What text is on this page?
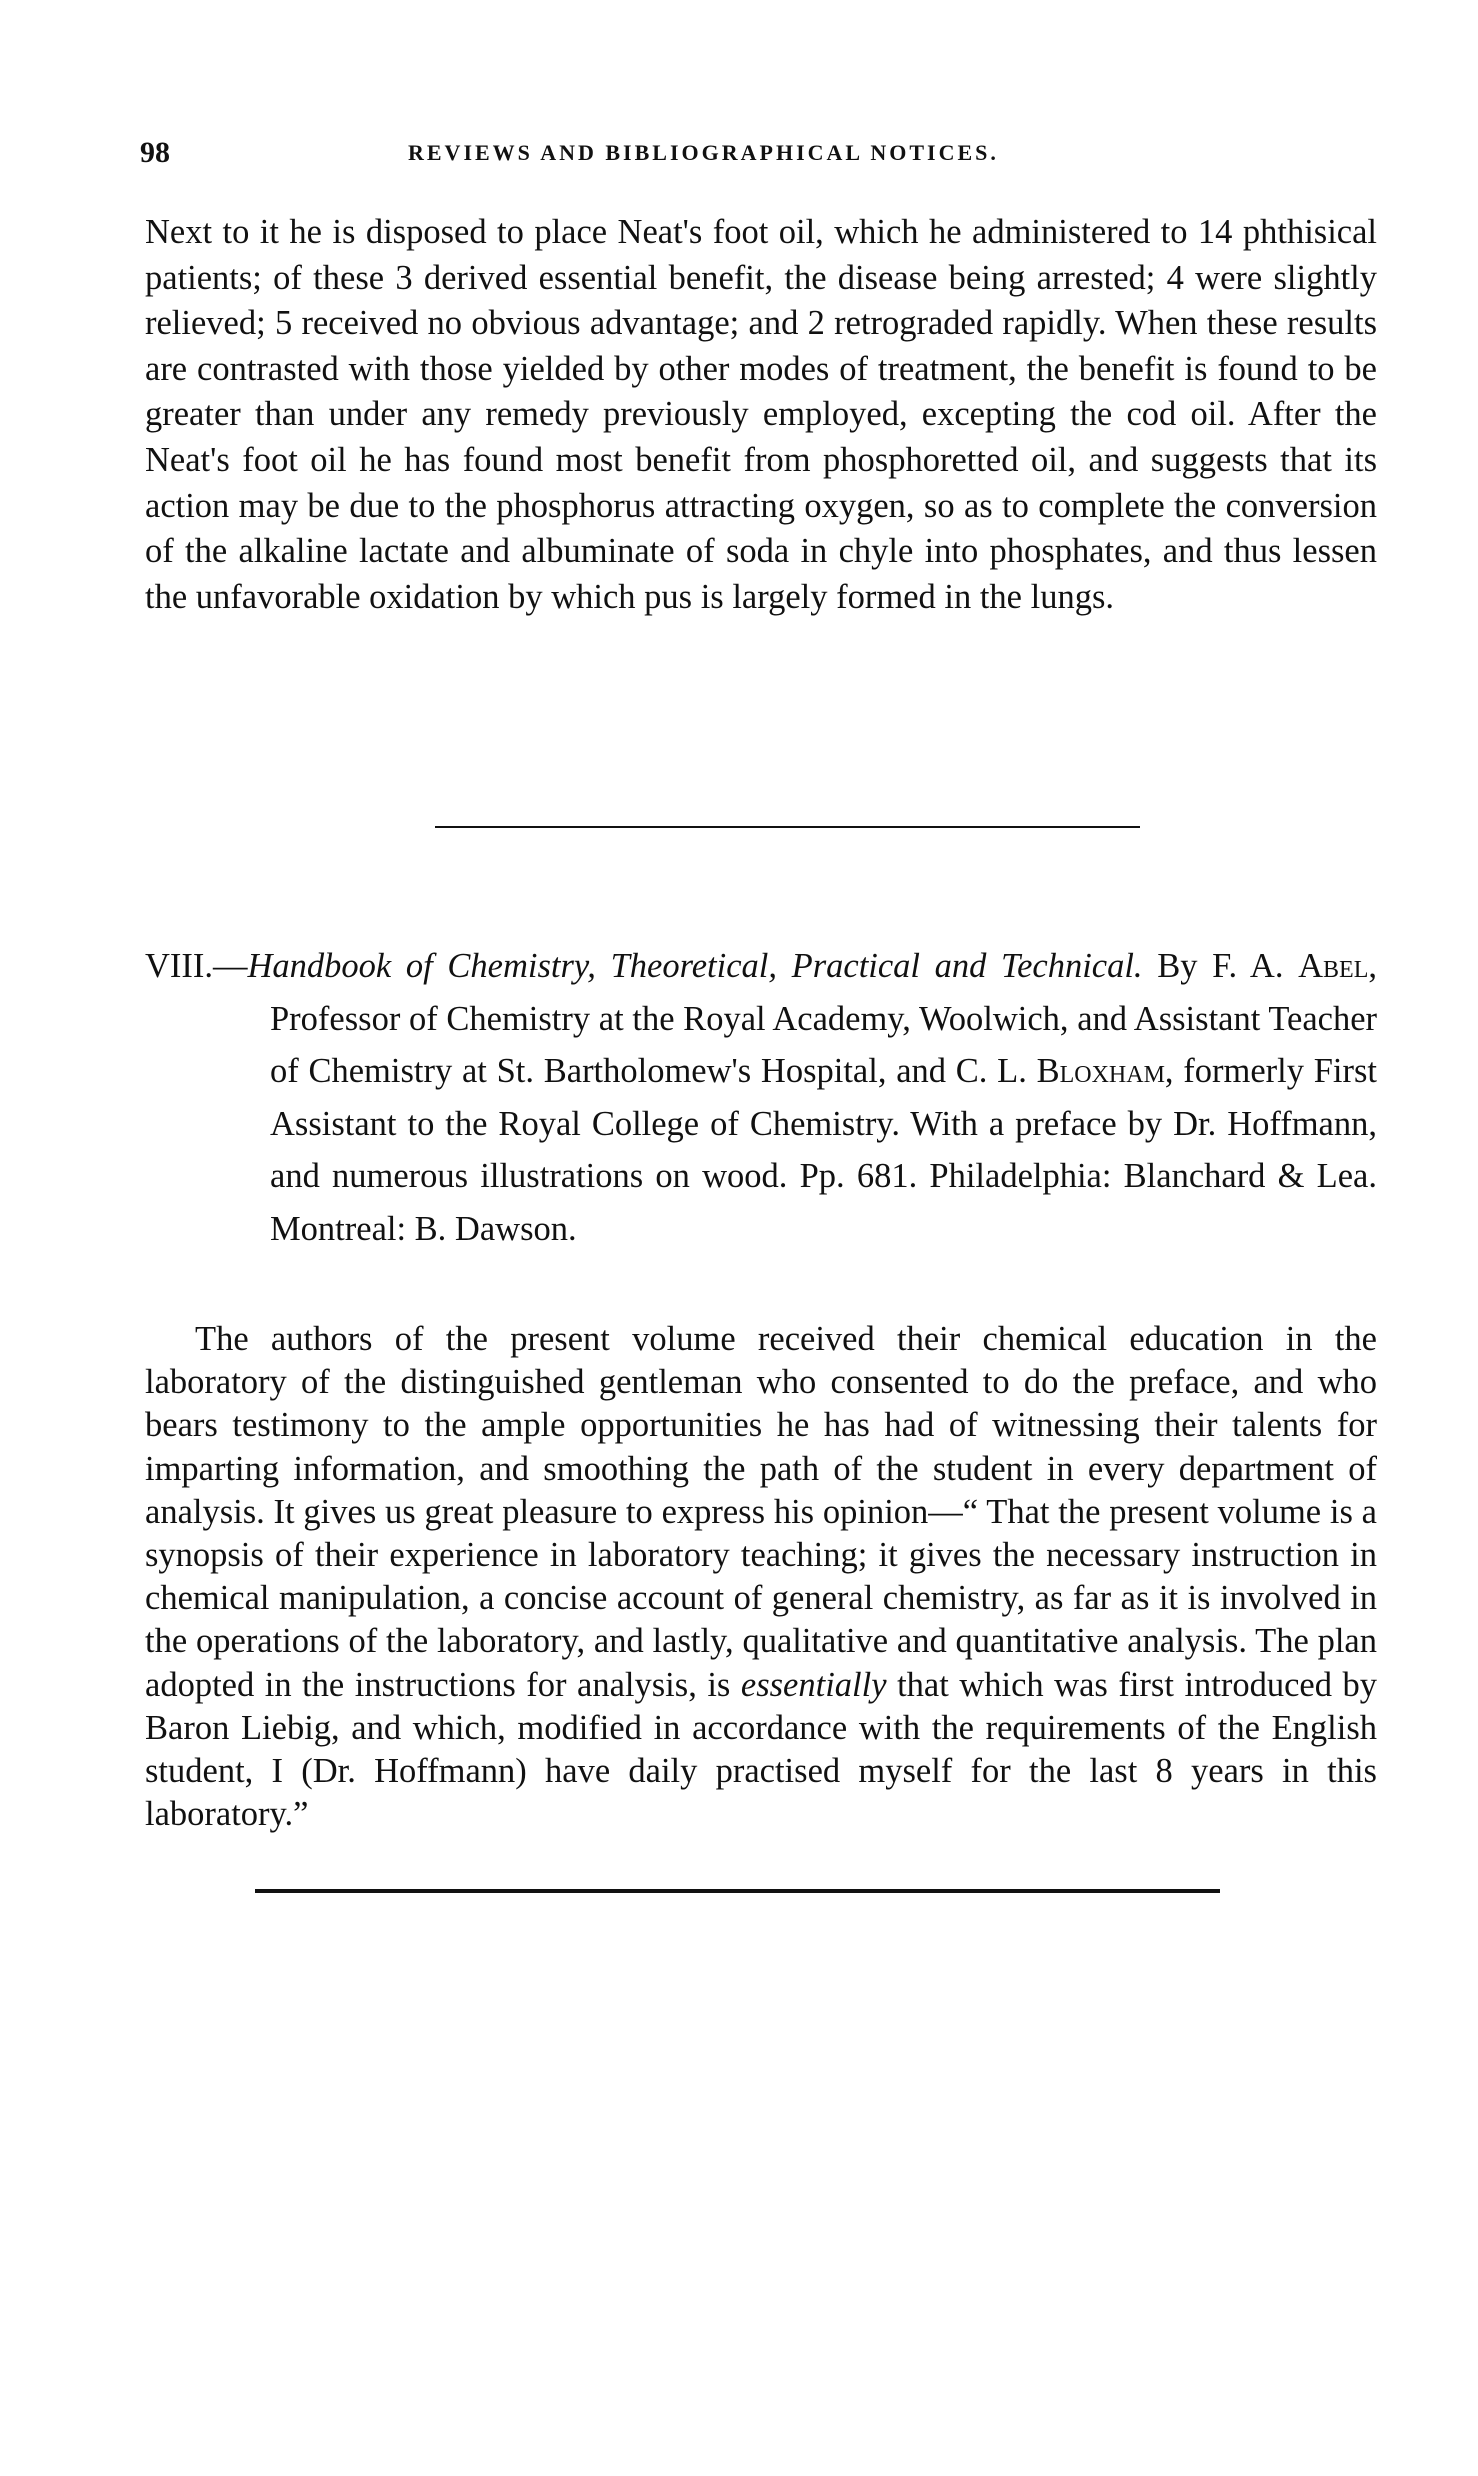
98	REVIEWS AND BIBLIOGRAPHICAL NOTICES.

Next to it he is disposed to place Neat's foot oil, which he administered to 14 phthisical patients; of these 3 derived essential benefit, the disease being arrested; 4 were slightly relieved; 5 received no obvious advantage; and 2 retrograded rapidly. When these results are contrasted with those yielded by other modes of treatment, the benefit is found to be greater than under any remedy previously employed, excepting the cod oil. After the Neat's foot oil he has found most benefit from phosphoretted oil, and suggests that its action may be due to the phosphorus attracting oxygen, so as to complete the conversion of the alkaline lactate and albuminate of soda in chyle into phosphates, and thus lessen the unfavorable oxidation by which pus is largely formed in the lungs.

VIII.—Handbook of Chemistry, Theoretical, Practical and Technical. By F. A. Abel, Professor of Chemistry at the Royal Academy, Woolwich, and Assistant Teacher of Chemistry at St. Bartholomew's Hospital, and C. L. Bloxham, formerly First Assistant to the Royal College of Chemistry. With a preface by Dr. Hoffmann, and numerous illustrations on wood. Pp. 681. Philadelphia: Blanchard & Lea. Montreal: B. Dawson.

The authors of the present volume received their chemical education in the laboratory of the distinguished gentleman who consented to do the preface, and who bears testimony to the ample opportunities he has had of witnessing their talents for imparting information, and smoothing the path of the student in every department of analysis. It gives us great pleasure to express his opinion—“ That the present volume is a synopsis of their experience in laboratory teaching; it gives the necessary instruction in chemical manipulation, a concise account of general chemistry, as far as it is involved in the operations of the laboratory, and lastly, qualitative and quantitative analysis. The plan adopted in the instructions for analysis, is essentially that which was first introduced by Baron Liebig, and which, modified in accordance with the requirements of the English student, I (Dr. Hoffmann) have daily practised myself for the last 8 years in this laboratory.”
